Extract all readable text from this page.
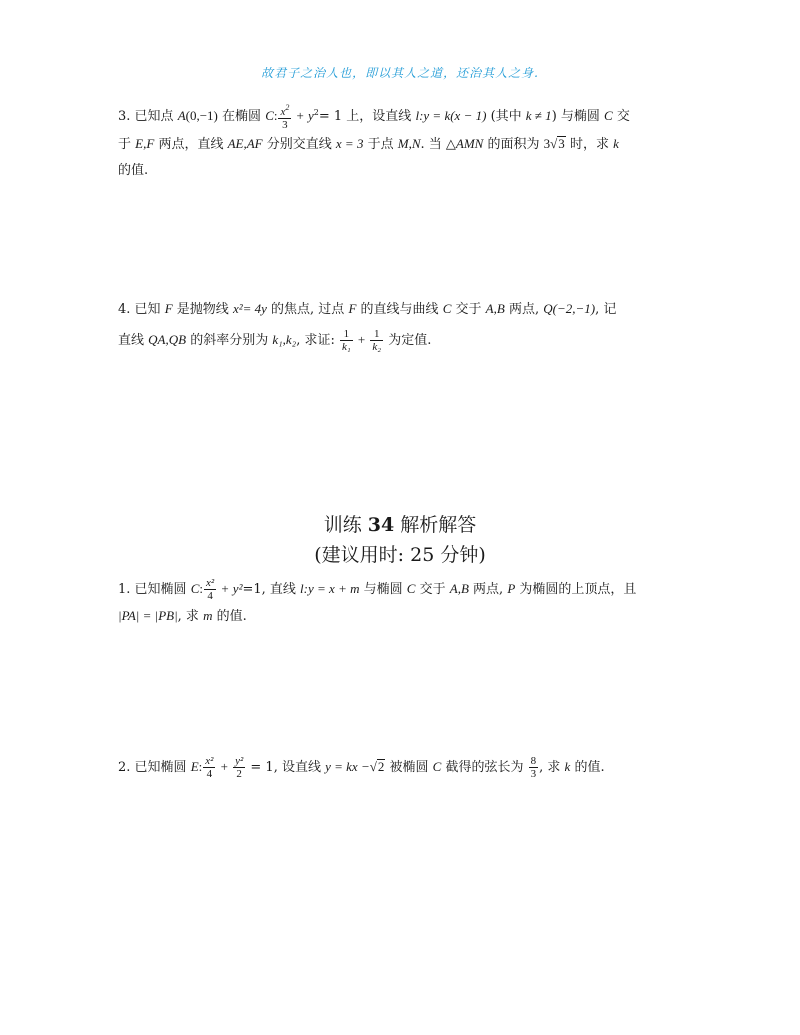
故君子之治人也，即以其人之道，还治其人之身.
3. 已知点 A(0,−1) 在椭圆 C: $\frac{x^2}{3} + y^2= 1$ 上，设直线 l:y = k(x − 1) (其中 k ≠ 1) 与椭圆 C 交
于 E,F 两点，直线 AE,AF 分别交直线 x = 3 于点 M,N. 当 △AMN 的面积为 3√3 时，求 k
的值.
4. 已知 F 是抛物线 x²= 4y 的焦点, 过点 F 的直线与曲线 C 交于 A,B 两点, Q(−2,−1), 记
直线 QA,QB 的斜率分别为 k₁,k₂, 求证: $\frac{1}{\text{k₁}} + \frac{1}{\text{k₂}}$ 为定值.
训练 34 解析解答
(建议用时: 25 分钟)
1. 已知椭圆 C: $\frac{\text{x²}}{4} + y^2=1$, 直线 l:y = x + m 与椭圆 C 交于 A,B 两点, P 为椭圆的上顶点，且
|PA| = |PB|, 求 m 的值.
2. 已知椭圆 E: $\frac{\text{x²}}{4} + \frac{\text{y²}}{2} = 1$, 设直线 y = kx −√2 被椭圆 C 截得的弦长为 $\frac{8}{3}$ , 求 k 的值.
